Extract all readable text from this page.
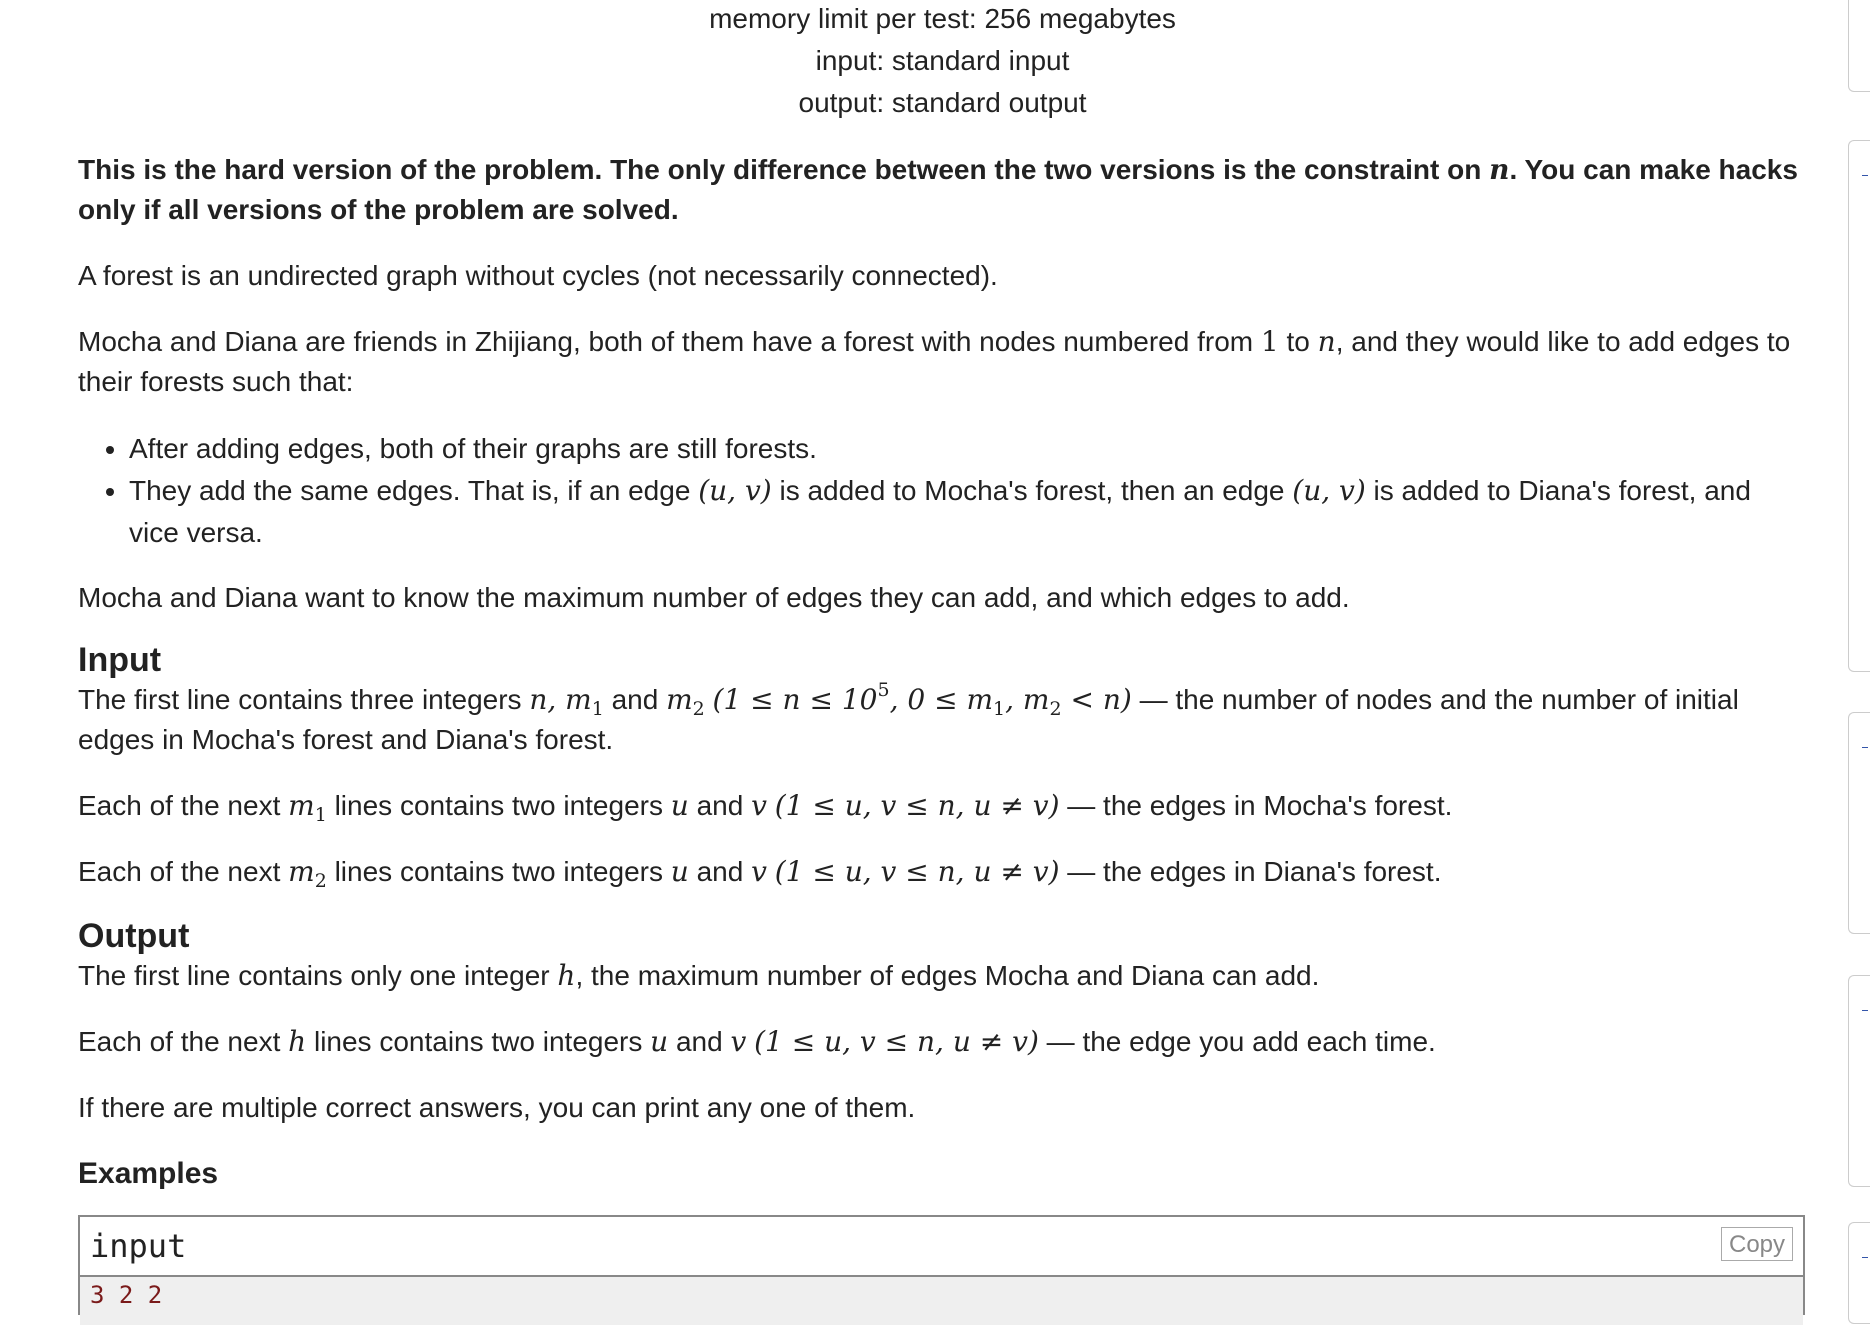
memory limit per test: 256 megabytes
input: standard input
output: standard output

This is the hard version of the problem. The only difference between the two versions is the constraint on n. You can make hacks only if all versions of the problem are solved.

A forest is an undirected graph without cycles (not necessarily connected).

Mocha and Diana are friends in Zhijiang, both of them have a forest with nodes numbered from 1 to n, and they would like to add edges to their forests such that:

• After adding edges, both of their graphs are still forests.
• They add the same edges. That is, if an edge (u, v) is added to Mocha's forest, then an edge (u, v) is added to Diana's forest, and vice versa.

Mocha and Diana want to know the maximum number of edges they can add, and which edges to add.

Input

The first line contains three integers n, $m_1$ and $m_2$ ($1 \le n \le 10^5$, $0 \le m_1$, $m_2 < n$) — the number of nodes and the number of initial edges in Mocha's forest and Diana's forest.

Each of the next $m_1$ lines contains two integers u and v (1 ≤ u, v ≤ n, u ≠ v) — the edges in Mocha's forest.

Each of the next $m_2$ lines contains two integers u and v (1 ≤ u, v ≤ n, u ≠ v) — the edges in Diana's forest.

Output

The first line contains only one integer h, the maximum number of edges Mocha and Diana can add.

Each of the next h lines contains two integers u and v (1 ≤ u, v ≤ n, u ≠ v) — the edge you add each time.

If there are multiple correct answers, you can print any one of them.

Examples
input	Copy
3 2 2
